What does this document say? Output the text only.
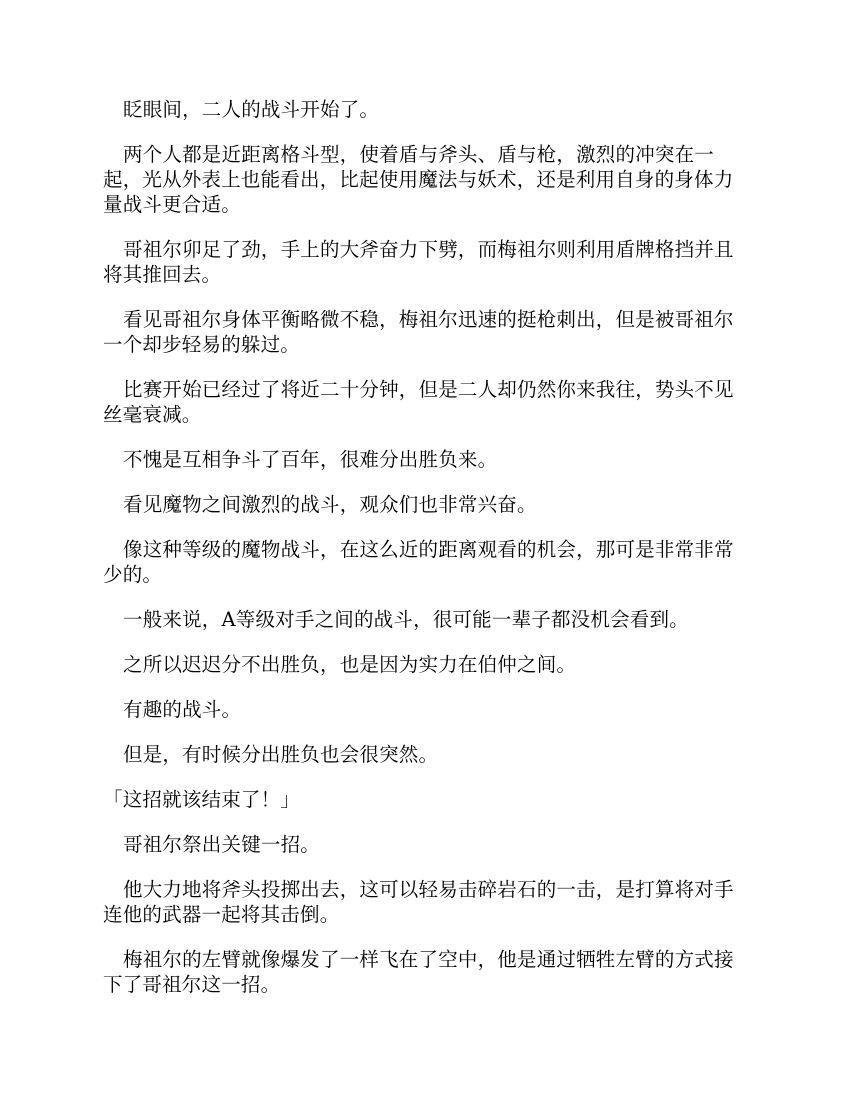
眨眼间，二人的战斗开始了。

两个人都是近距离格斗型，使着盾与斧头、盾与枪，激烈的冲突在一起，光从外表上也能看出，比起使用魔法与妖术，还是利用自身的身体力量战斗更合适。

哥祖尔卯足了劲，手上的大斧奋力下劈，而梅祖尔则利用盾牌格挡并且将其推回去。

看见哥祖尔身体平衡略微不稳，梅祖尔迅速的挺枪刺出，但是被哥祖尔一个却步轻易的躲过。

比赛开始已经过了将近二十分钟，但是二人却仍然你来我往，势头不见丝毫衰减。

不愧是互相争斗了百年，很难分出胜负来。

看见魔物之间激烈的战斗，观众们也非常兴奋。

像这种等级的魔物战斗，在这么近的距离观看的机会，那可是非常非常少的。

一般来说，A等级对手之间的战斗，很可能一辈子都没机会看到。

之所以迟迟分不出胜负，也是因为实力在伯仲之间。

有趣的战斗。

但是，有时候分出胜负也会很突然。

「这招就该结束了！」

哥祖尔祭出关键一招。

他大力地将斧头投掷出去，这可以轻易击碎岩石的一击，是打算将对手连他的武器一起将其击倒。

梅祖尔的左臂就像爆发了一样飞在了空中，他是通过牺牲左臂的方式接下了哥祖尔这一招。
